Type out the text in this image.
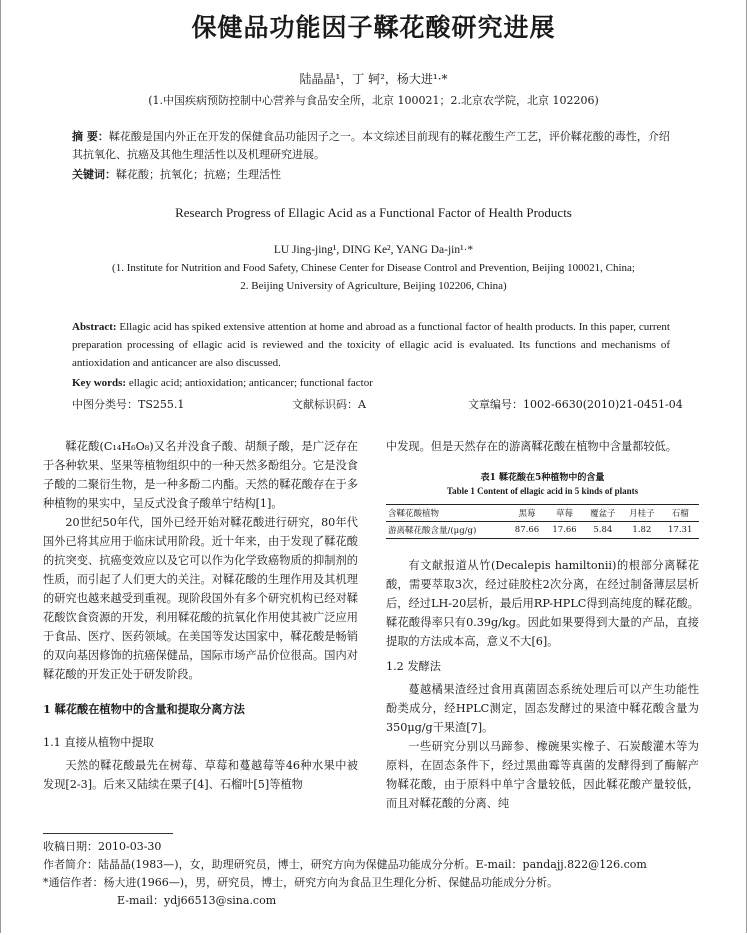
保健品功能因子鞣花酸研究进展
陆晶晶¹，丁 轲²，杨大进¹·*
(1.中国疾病预防控制中心营养与食品安全所，北京 100021；2.北京农学院，北京 102206)
摘 要：鞣花酸是国内外正在开发的保健食品功能因子之一。本文综述目前现有的鞣花酸生产工艺，评价鞣花酸的毒性，介绍其抗氧化、抗癌及其他生理活性以及机理研究进展。
关键词：鞣花酸；抗氧化；抗癌；生理活性
Research Progress of Ellagic Acid as a Functional Factor of Health Products
LU Jing-jing¹, DING Ke², YANG Da-jin¹·*
(1. Institute for Nutrition and Food Safety, Chinese Center for Disease Control and Prevention, Beijing 100021, China;
2. Beijing University of Agriculture, Beijing 102206, China)
Abstract: Ellagic acid has spiked extensive attention at home and abroad as a functional factor of health products. In this paper, current preparation processing of ellagic acid is reviewed and the toxicity of ellagic acid is evaluated. Its functions and mechanisms of antioxidation and anticancer are also discussed.
Key words: ellagic acid; antioxidation; anticancer; functional factor
中图分类号：TS255.1	文献标识码：A	文章编号：1002-6630(2010)21-0451-04

鞣花酸(C₁₄H₆O₈)又名并没食子酸、胡颓子酸，是广泛存在于各种软果、坚果等植物组织中的一种天然多酚组分。它是没食子酸的二聚衍生物，是一种多酚二内酯。天然的鞣花酸存在于多种植物的果实中，呈反式没食子酸单宁结构[1]。

20世纪50年代，国外已经开始对鞣花酸进行研究，80年代国外已将其应用于临床试用阶段。近十年来，由于发现了鞣花酸的抗突变、抗癌变效应以及它可以作为化学致癌物质的抑制剂的性质，而引起了人们更大的关注。对鞣花酸的生理作用及其机理的研究也越来越受到重视。现阶段国外有多个研究机构已经对鞣花酸饮食资源的开发，利用鞣花酸的抗氧化作用使其被广泛应用于食品、医疗、医药领域。在美国等发达国家中，鞣花酸是畅销的双向基因修饰的抗癌保健品，国际市场产品价位很高。国内对鞣花酸的开发正处于研发阶段。

1 鞣花酸在植物中的含量和提取分离方法
1.1 直接从植物中提取

天然的鞣花酸最先在树莓、草莓和蔓越莓等46种水果中被发现[2-3]。后来又陆续在栗子[4]、石榴叶[5]等植物

中发现。但是天然存在的游离鞣花酸在植物中含量都较低。

表1 鞣花酸在5种植物中的含量
Table 1 Content of ellagic acid in 5 kinds of plants
含鞣花酸植物	黑莓	草莓	覆盆子	月桂子	石榴
游离鞣花酸含量/(μg/g)	87.66	17.66	5.84	1.82	17.31

有文献报道从竹(Decalepis hamiltonii)的根部分离鞣花酸，需要萃取3次，经过硅胶柱2次分离，在经过制备薄层层析后，经过LH-20层析，最后用RP-HPLC得到高纯度的鞣花酸。鞣花酸得率只有0.39g/kg。因此如果要得到大量的产品，直接提取的方法成本高，意义不大[6]。

1.2 发酵法

蔓越橘果渣经过食用真菌固态系统处理后可以产生功能性酚类成分，经HPLC测定，固态发酵过的果渣中鞣花酸含量为350μg/g干果渣[7]。

一些研究分别以马蹄参、橡碗果实橡子、石炭酸灌木等为原料，在固态条件下，经过黑曲霉等真菌的发酵得到了酶解产物鞣花酸，由于原料中单宁含量较低，因此鞣花酸产量较低，而且对鞣花酸的分离、纯

收稿日期：2010-03-30
作者简介：陆晶晶(1983—)，女，助理研究员，博士，研究方向为保健品功能成分分析。E-mail：pandajj.822@126.com
*通信作者：杨大进(1966—)，男，研究员，博士，研究方向为食品卫生理化分析、保健品功能成分分析。
E-mail：ydj66513@sina.com
